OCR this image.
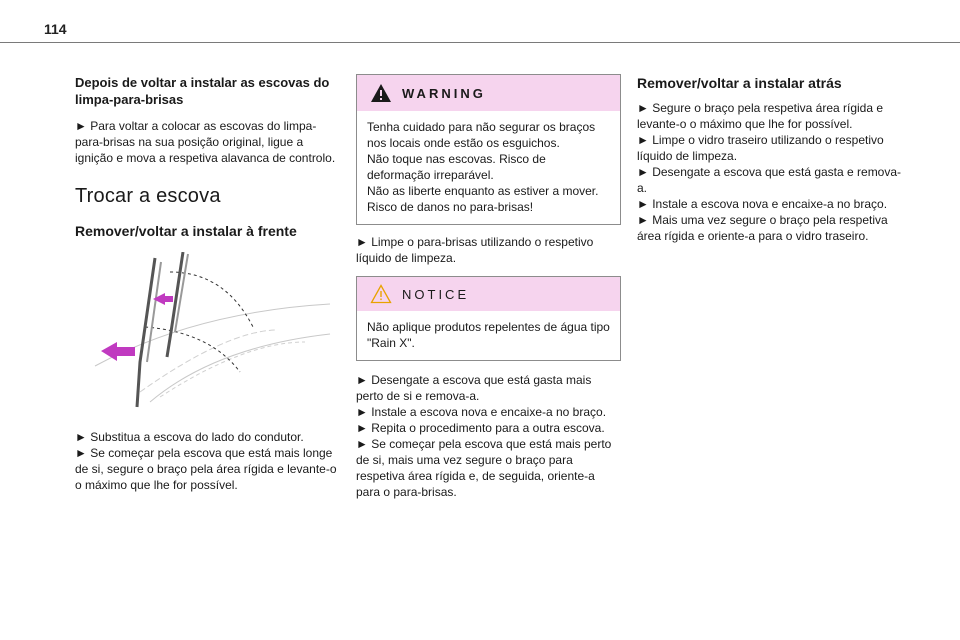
114

Depois de voltar a instalar as escovas do limpa-para-brisas

► Para voltar a colocar as escovas do limpa-para-brisas na sua posição original, ligue a ignição e mova a respetiva alavanca de controlo.

Trocar a escova
Remover/voltar a instalar à frente

► Substitua a escova do lado do condutor.

► Se começar pela escova que está mais longe de si, segure o braço pela área rígida e levante-o o máximo que lhe for possível.

WARNING
Tenha cuidado para não segurar os braços nos locais onde estão os esguichos.
Não toque nas escovas. Risco de deformação irreparável.
Não as liberte enquanto as estiver a mover. Risco de danos no para-brisas!

► Limpe o para-brisas utilizando o respetivo líquido de limpeza.

NOTICE
Não aplique produtos repelentes de água tipo "Rain X".

► Desengate a escova que está gasta mais perto de si e remova-a.

► Instale a escova nova e encaixe-a no braço.

► Repita o procedimento para a outra escova.

► Se começar pela escova que está mais perto de si, mais uma vez segure o braço para respetiva área rígida e, de seguida, oriente-a para o para-brisas.

Remover/voltar a instalar atrás

► Segure o braço pela respetiva área rígida e levante-o o máximo que lhe for possível.

► Limpe o vidro traseiro utilizando o respetivo líquido de limpeza.

► Desengate a escova que está gasta e remova-a.

► Instale a escova nova e encaixe-a no braço.

► Mais uma vez segure o braço pela respetiva área rígida e oriente-a para o vidro traseiro.
